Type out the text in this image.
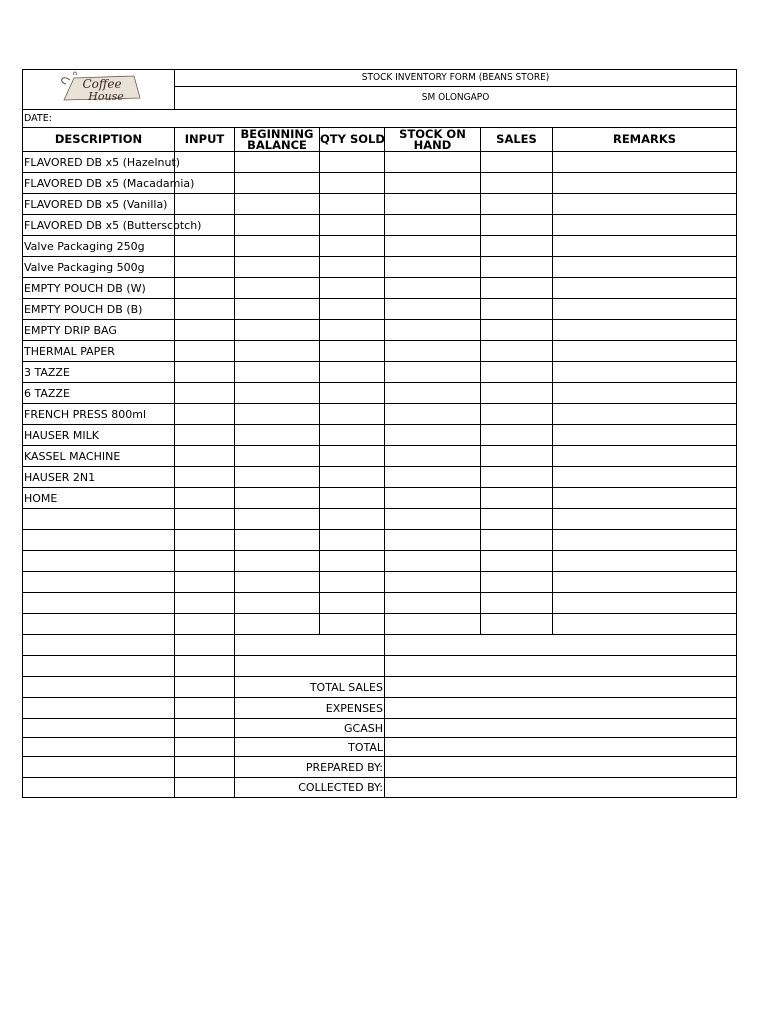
Coffee
House	STOCK INVENTORY FORM (BEANS STORE)					
	SM OLONGAPO					
DATE:						
DESCRIPTION	INPUT	BEGINNING BALANCE	QTY SOLD	STOCK ON HAND	SALES	REMARKS
FLAVORED DB x5 (Hazelnut)						
FLAVORED DB x5 (Macadamia)						
FLAVORED DB x5 (Vanilla)						
FLAVORED DB x5 (Butterscotch)						
Valve Packaging 250g						
Valve Packaging 500g						
EMPTY POUCH DB (W)						
EMPTY POUCH DB (B)						
EMPTY DRIP BAG						
THERMAL PAPER						
3 TAZZE						
6 TAZZE						
FRENCH PRESS 800ml						
HAUSER MILK						
KASSEL MACHINE						
HAUSER 2N1						
HOME						

		TOTAL SALES				
		EXPENSES				
		GCASH				
		TOTAL				
		PREPARED BY:				
		COLLECTED BY:				
